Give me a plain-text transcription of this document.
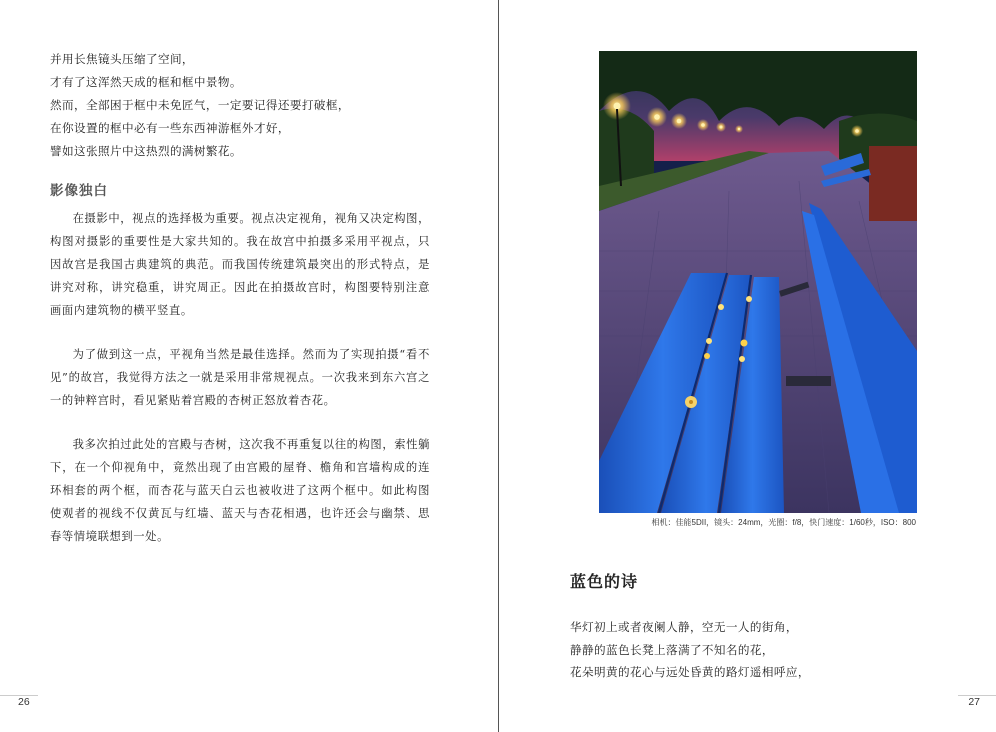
并用长焦镜头压缩了空间，

才有了这浑然天成的框和框中景物。

然而，全部困于框中未免匠气，一定要记得还要打破框，

在你设置的框中必有一些东西神游框外才好，

譬如这张照片中这热烈的满树繁花。

影像独白

在摄影中，视点的选择极为重要。视点决定视角，视角又决定构图，构图对摄影的重要性是大家共知的。我在故宫中拍摄多采用平视点，只因故宫是我国古典建筑的典范。而我国传统建筑最突出的形式特点，是讲究对称，讲究稳重，讲究周正。因此在拍摄故宫时，构图要特别注意画面内建筑物的横平竖直。

为了做到这一点，平视角当然是最佳选择。然而为了实现拍摄“看不见”的故宫，我觉得方法之一就是采用非常规视点。一次我来到东六宫之一的钟粹宫时，看见紧贴着宫殿的杏树正怒放着杏花。

我多次拍过此处的宫殿与杏树，这次我不再重复以往的构图，索性躺下，在一个仰视角中，竟然出现了由宫殿的屋脊、檐角和宫墙构成的连环相套的两个框，而杏花与蓝天白云也被收进了这两个框中。如此构图使观者的视线不仅黄瓦与红墙、蓝天与杏花相遇，也许还会与幽禁、思春等情境联想到一处。

26
相机：佳能5DII，镜头：24mm，光圈：f/8，快门速度：1/60秒，ISO：800
蓝色的诗

华灯初上或者夜阑人静，空无一人的街角，

静静的蓝色长凳上落满了不知名的花，

花朵明黄的花心与远处昏黄的路灯遥相呼应，

27
